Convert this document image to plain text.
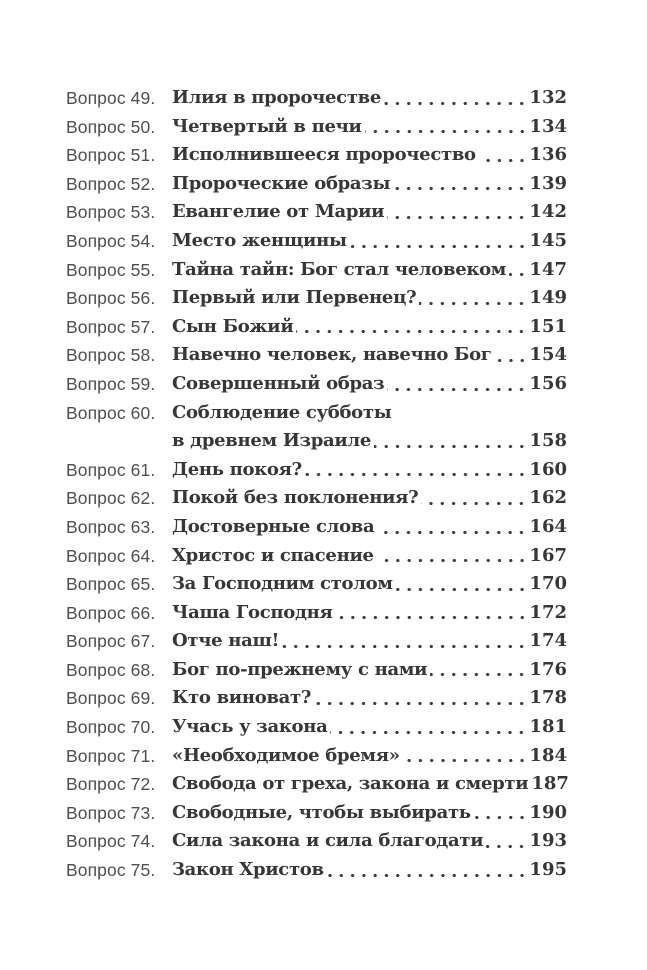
Вопрос 49. Илия в пророчестве	132
Вопрос 50. Четвертый в печи	134
Вопрос 51. Исполнившееся пророчество	136
Вопрос 52. Пророческие образы	139
Вопрос 53. Евангелие от Марии	142
Вопрос 54. Место женщины	145
Вопрос 55. Тайна тайн: Бог стал человеком 147
Вопрос 56. Первый или Первенец?	149
Вопрос 57. Сын Божий	151
Вопрос 58. Навечно человек, навечно Бог 154
Вопрос 59. Совершенный образ	156
Вопрос 60. Соблюдение субботы
в древнем Израиле	158
Вопрос 61. День покоя?	160
Вопрос 62. Покой без поклонения?	162
Вопрос 63. Достоверные слова	164
Вопрос 64. Христос и спасение	167
Вопрос 65. За Господним столом	170
Вопрос 66. Чаша Господня	172
Вопрос 67. Отче наш!	174
Вопрос 68. Бог по-прежнему с нами	176
Вопрос 69. Кто виноват?	178
Вопрос 70. Учась у закона	181
Вопрос 71. «Необходимое бремя»	184
Вопрос 72. Свобода от греха, закона и смерти 187
Вопрос 73. Свободные, чтобы выбирать	190
Вопрос 74. Сила закона и сила благодати	193
Вопрос 75. Закон Христов	195
